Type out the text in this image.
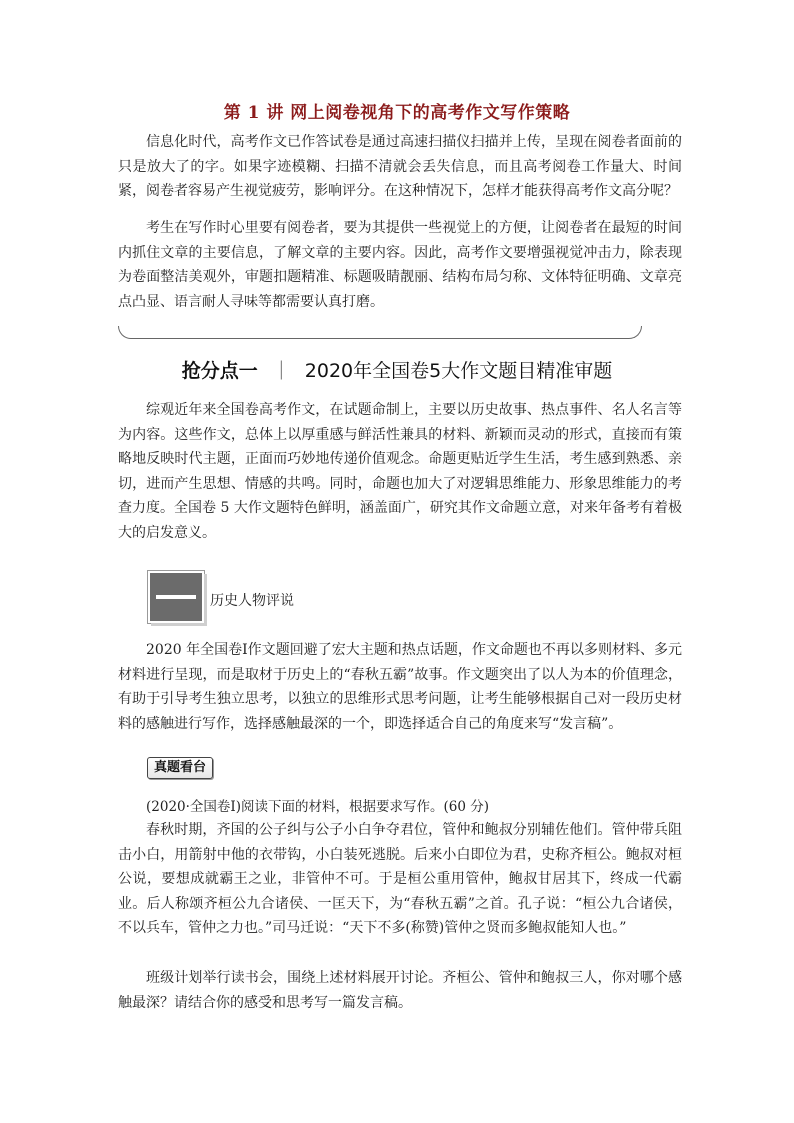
第 1 讲 网上阅卷视角下的高考作文写作策略

信息化时代，高考作文已作答试卷是通过高速扫描仪扫描并上传，呈现在阅卷者面前的只是放大了的字。如果字迹模糊、扫描不清就会丢失信息，而且高考阅卷工作量大、时间紧，阅卷者容易产生视觉疲劳，影响评分。在这种情况下，怎样才能获得高考作文高分呢？

考生在写作时心里要有阅卷者，要为其提供一些视觉上的方便，让阅卷者在最短的时间内抓住文章的主要信息，了解文章的主要内容。因此，高考作文要增强视觉冲击力，除表现为卷面整洁美观外，审题扣题精准、标题吸睛靓丽、结构布局匀称、文体特征明确、文章亮点凸显、语言耐人寻味等都需要认真打磨。

抢分点一 ｜ 2020年全国卷5大作文题目精准审题

综观近年来全国卷高考作文，在试题命制上，主要以历史故事、热点事件、名人名言等为内容。这些作文，总体上以厚重感与鲜活性兼具的材料、新颖而灵动的形式，直接而有策略地反映时代主题，正面而巧妙地传递价值观念。命题更贴近学生生活，考生感到熟悉、亲切，进而产生思想、情感的共鸣。同时，命题也加大了对逻辑思维能力、形象思维能力的考查力度。全国卷 5 大作文题特色鲜明，涵盖面广，研究其作文命题立意，对来年备考有着极大的启发意义。

历史人物评说

2020 年全国卷Ⅰ作文题回避了宏大主题和热点话题，作文命题也不再以多则材料、多元材料进行呈现，而是取材于历史上的“春秋五霸”故事。作文题突出了以人为本的价值理念，有助于引导考生独立思考，以独立的思维形式思考问题，让考生能够根据自己对一段历史材料的感触进行写作，选择感触最深的一个，即选择适合自己的角度来写“发言稿”。

真题看台
(2020·全国卷Ⅰ)阅读下面的材料，根据要求写作。(60 分)

春秋时期，齐国的公子纠与公子小白争夺君位，管仲和鲍叔分别辅佐他们。管仲带兵阻击小白，用箭射中他的衣带钩，小白装死逃脱。后来小白即位为君，史称齐桓公。鲍叔对桓公说，要想成就霸王之业，非管仲不可。于是桓公重用管仲，鲍叔甘居其下，终成一代霸业。后人称颂齐桓公九合诸侯、一匡天下，为“春秋五霸”之首。孔子说：“桓公九合诸侯，不以兵车，管仲之力也。”司马迁说：“天下不多(称赞)管仲之贤而多鲍叔能知人也。”

班级计划举行读书会，围绕上述材料展开讨论。齐桓公、管仲和鲍叔三人，你对哪个感触最深？请结合你的感受和思考写一篇发言稿。
